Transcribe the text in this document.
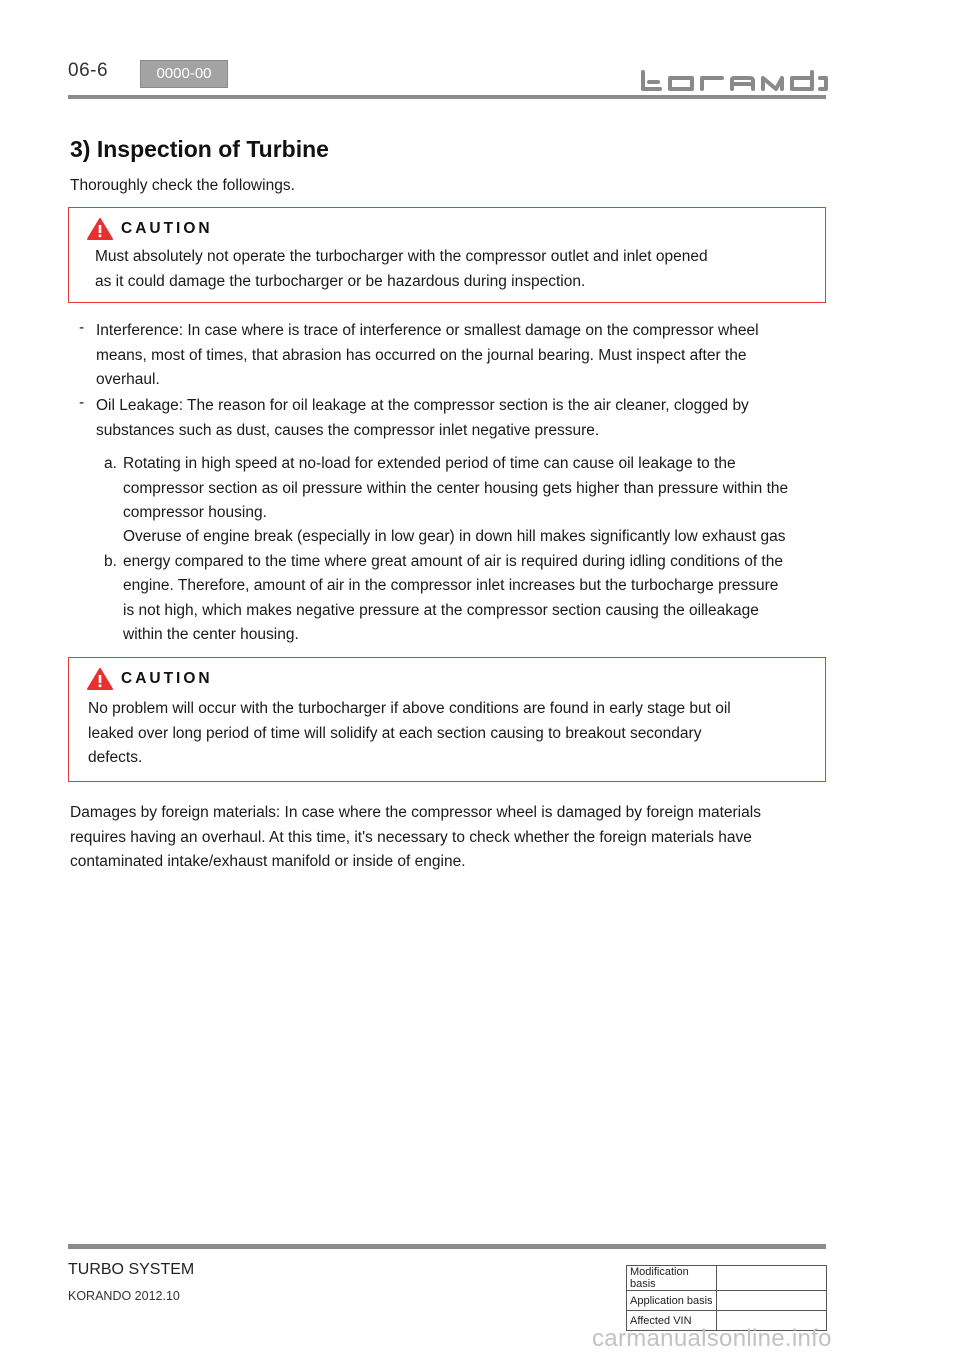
06-6	0000-00
3) Inspection of Turbine
Thoroughly check the followings.
CAUTION
Must absolutely not operate the turbocharger with the compressor outlet and inlet opened
as it could damage the turbocharger or be hazardous during inspection.
- Interference: In case where is trace of interference or smallest damage on the compressor wheel
means, most of times, that abrasion has occurred on the journal bearing. Must inspect after the
overhaul.
- Oil Leakage: The reason for oil leakage at the compressor section is the air cleaner, clogged by
substances such as dust, causes the compressor inlet negative pressure.
a. Rotating in high speed at no-load for extended period of time can cause oil leakage to the
compressor section as oil pressure within the center housing gets higher than pressure within the
compressor housing.
b.
Overuse of engine break (especially in low gear) in down hill makes significantly low exhaust gas
energy compared to the time where great amount of air is required during idling conditions of the
engine. Therefore, amount of air in the compressor inlet increases but the turbocharge pressure
is not high, which makes negative pressure at the compressor section causing the oilleakage
within the center housing.
CAUTION
No problem will occur with the turbocharger if above conditions are found in early stage but oil
leaked over long period of time will solidify at each section causing to breakout secondary
defects.
Damages by foreign materials: In case where the compressor wheel is damaged by foreign materials
requires having an overhaul. At this time, it's necessary to check whether the foreign materials have
contaminated intake/exhaust manifold or inside of engine.
TURBO SYSTEM
KORANDO 2012.10
Modification basis	
Application basis	
Affected VIN	
carmanualsonline.info
